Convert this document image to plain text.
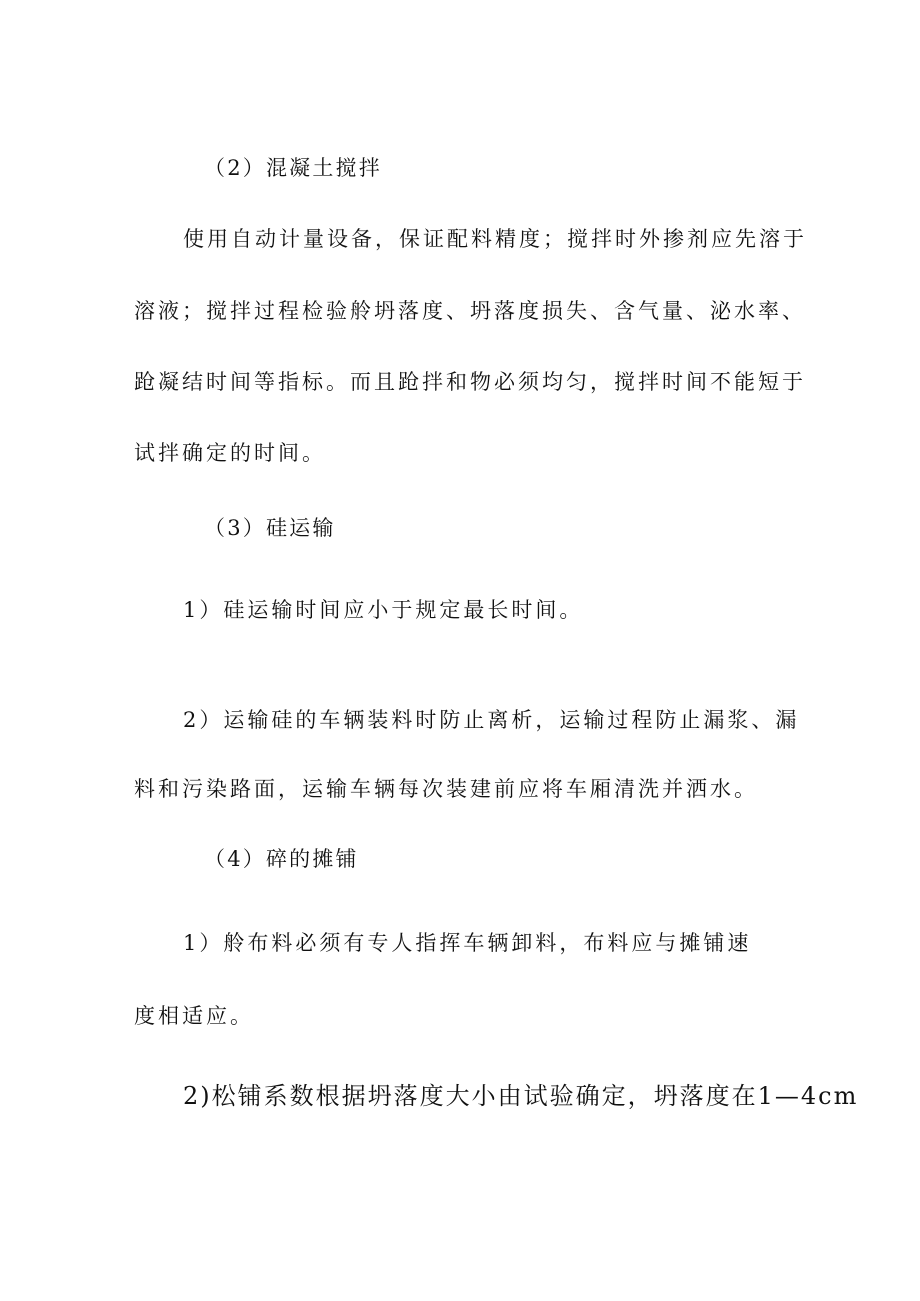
（2）混凝土搅拌
使用自动计量设备，保证配料精度；搅拌时外掺剂应先溶于
溶液；搅拌过程检验舲坍落度、坍落度损失、含气量、泌水率、
跄凝结时间等指标。而且跄拌和物必须均匀，搅拌时间不能短于
试拌确定的时间。
（3）硅运输
1）硅运输时间应小于规定最长时间。
2）运输硅的车辆装料时防止离析，运输过程防止漏浆、漏
料和污染路面，运输车辆每次装建前应将车厢清洗并洒水。
（4）碎的摊铺
1）舲布料必须有专人指挥车辆卸料，布料应与摊铺速
度相适应。
2)松铺系数根据坍落度大小由试验确定，坍落度在1—4cm
